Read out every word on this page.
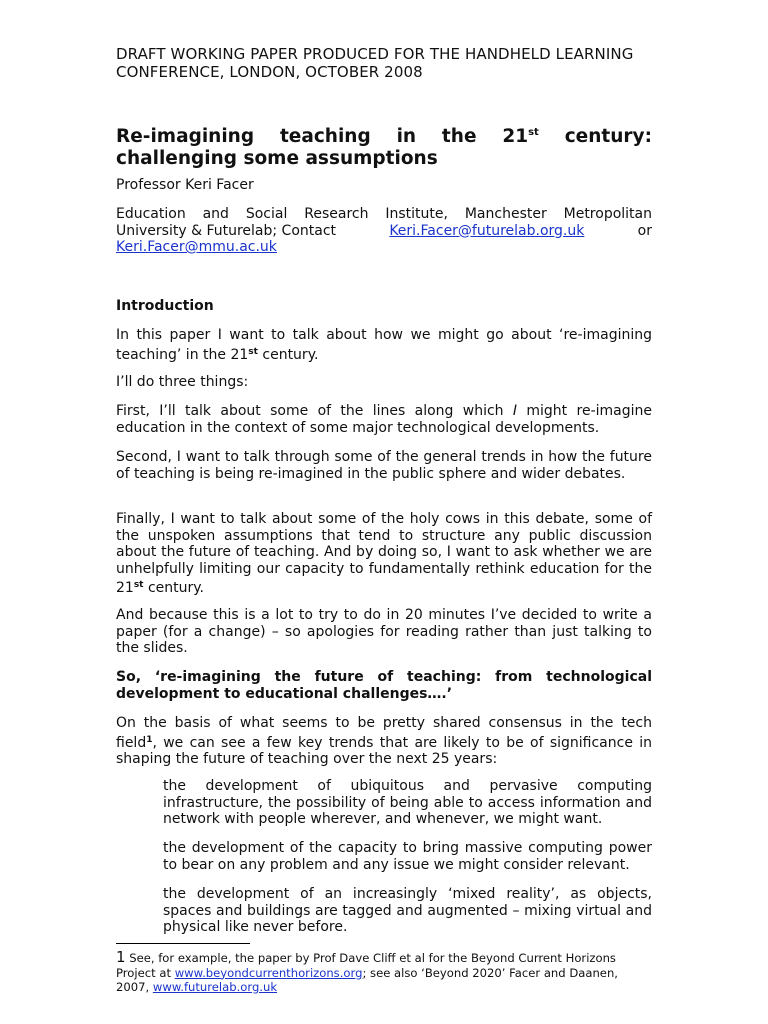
DRAFT WORKING PAPER PRODUCED FOR THE HANDHELD LEARNING
CONFERENCE, LONDON, OCTOBER 2008
Re-imagining teaching in the 21st century:
challenging some assumptions

Professor Keri Facer

Education and Social Research Institute, Manchester Metropolitan
University & Futurelab; Contact	Keri.Facer@futurelab.org.uk	or
Keri.Facer@mmu.ac.uk

Introduction

In this paper I want to talk about how we might go about ‘re-imagining
teaching’ in the 21st century.

I’ll do three things:

First, I’ll talk about some of the lines along which I might re-imagine education in the context of some major technological developments.

Second, I want to talk through some of the general trends in how the future of teaching is being re-imagined in the public sphere and wider debates.

Finally, I want to talk about some of the holy cows in this debate, some of the unspoken assumptions that tend to structure any public discussion about the future of teaching. And by doing so, I want to ask whether we are unhelpfully limiting our capacity to fundamentally rethink education for the 21st century.

And because this is a lot to try to do in 20 minutes I’ve decided to write a paper (for a change) – so apologies for reading rather than just talking to the slides.

So, ‘re-imagining the future of teaching: from technological development to educational challenges….’

On the basis of what seems to be pretty shared consensus in the tech field$^1$, we can see a few key trends that are likely to be of significance in shaping the future of teaching over the next 25 years:

the development of ubiquitous and pervasive computing infrastructure, the possibility of being able to access information and network with people wherever, and whenever, we might want.

the development of the capacity to bring massive computing power to bear on any problem and any issue we might consider relevant.

the development of an increasingly ‘mixed reality’, as objects, spaces and buildings are tagged and augmented – mixing virtual and physical like never before.

1 See, for example, the paper by Prof Dave Cliff et al for the Beyond Current Horizons Project at www.beyondcurrenthorizons.org; see also ‘Beyond 2020’ Facer and Daanen, 2007, www.futurelab.org.uk
